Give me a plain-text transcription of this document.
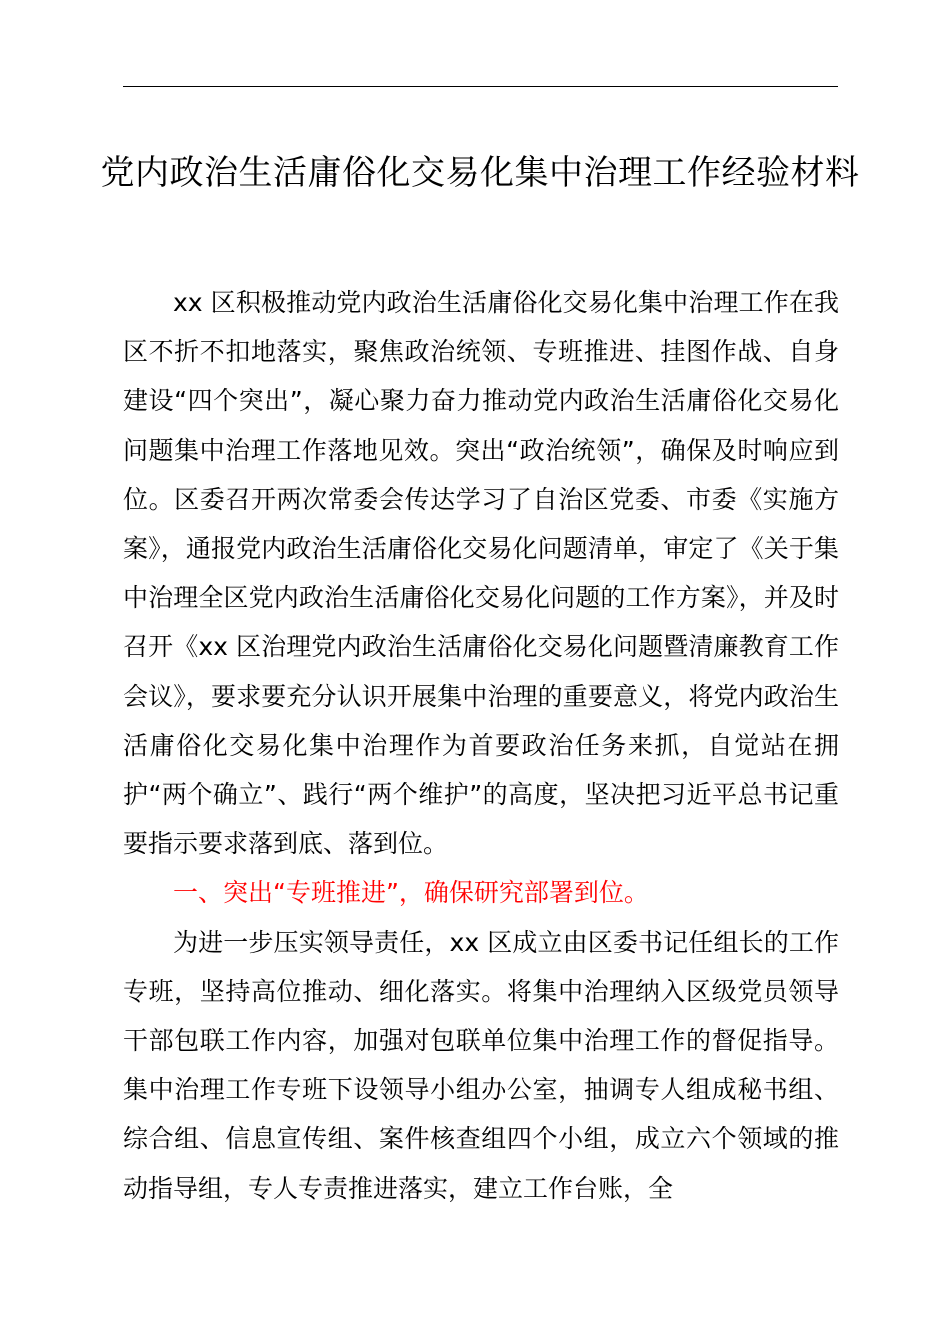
党内政治生活庸俗化交易化集中治理工作经验材料

xx 区积极推动党内政治生活庸俗化交易化集中治理工作在我区不折不扣地落实，聚焦政治统领、专班推进、挂图作战、自身建设“四个突出”，凝心聚力奋力推动党内政治生活庸俗化交易化问题集中治理工作落地见效。突出“政治统领”，确保及时响应到位。区委召开两次常委会传达学习了自治区党委、市委《实施方案》，通报党内政治生活庸俗化交易化问题清单，审定了《关于集中治理全区党内政治生活庸俗化交易化问题的工作方案》，并及时召开《xx 区治理党内政治生活庸俗化交易化问题暨清廉教育工作会议》，要求要充分认识开展集中治理的重要意义，将党内政治生活庸俗化交易化集中治理作为首要政治任务来抓，自觉站在拥护“两个确立”、践行“两个维护”的高度，坚决把习近平总书记重要指示要求落到底、落到位。

一、突出“专班推进”，确保研究部署到位。

为进一步压实领导责任，xx 区成立由区委书记任组长的工作专班，坚持高位推动、细化落实。将集中治理纳入区级党员领导干部包联工作内容，加强对包联单位集中治理工作的督促指导。集中治理工作专班下设领导小组办公室，抽调专人组成秘书组、综合组、信息宣传组、案件核查组四个小组，成立六个领域的推动指导组，专人专责推进落实，建立工作台账，全
